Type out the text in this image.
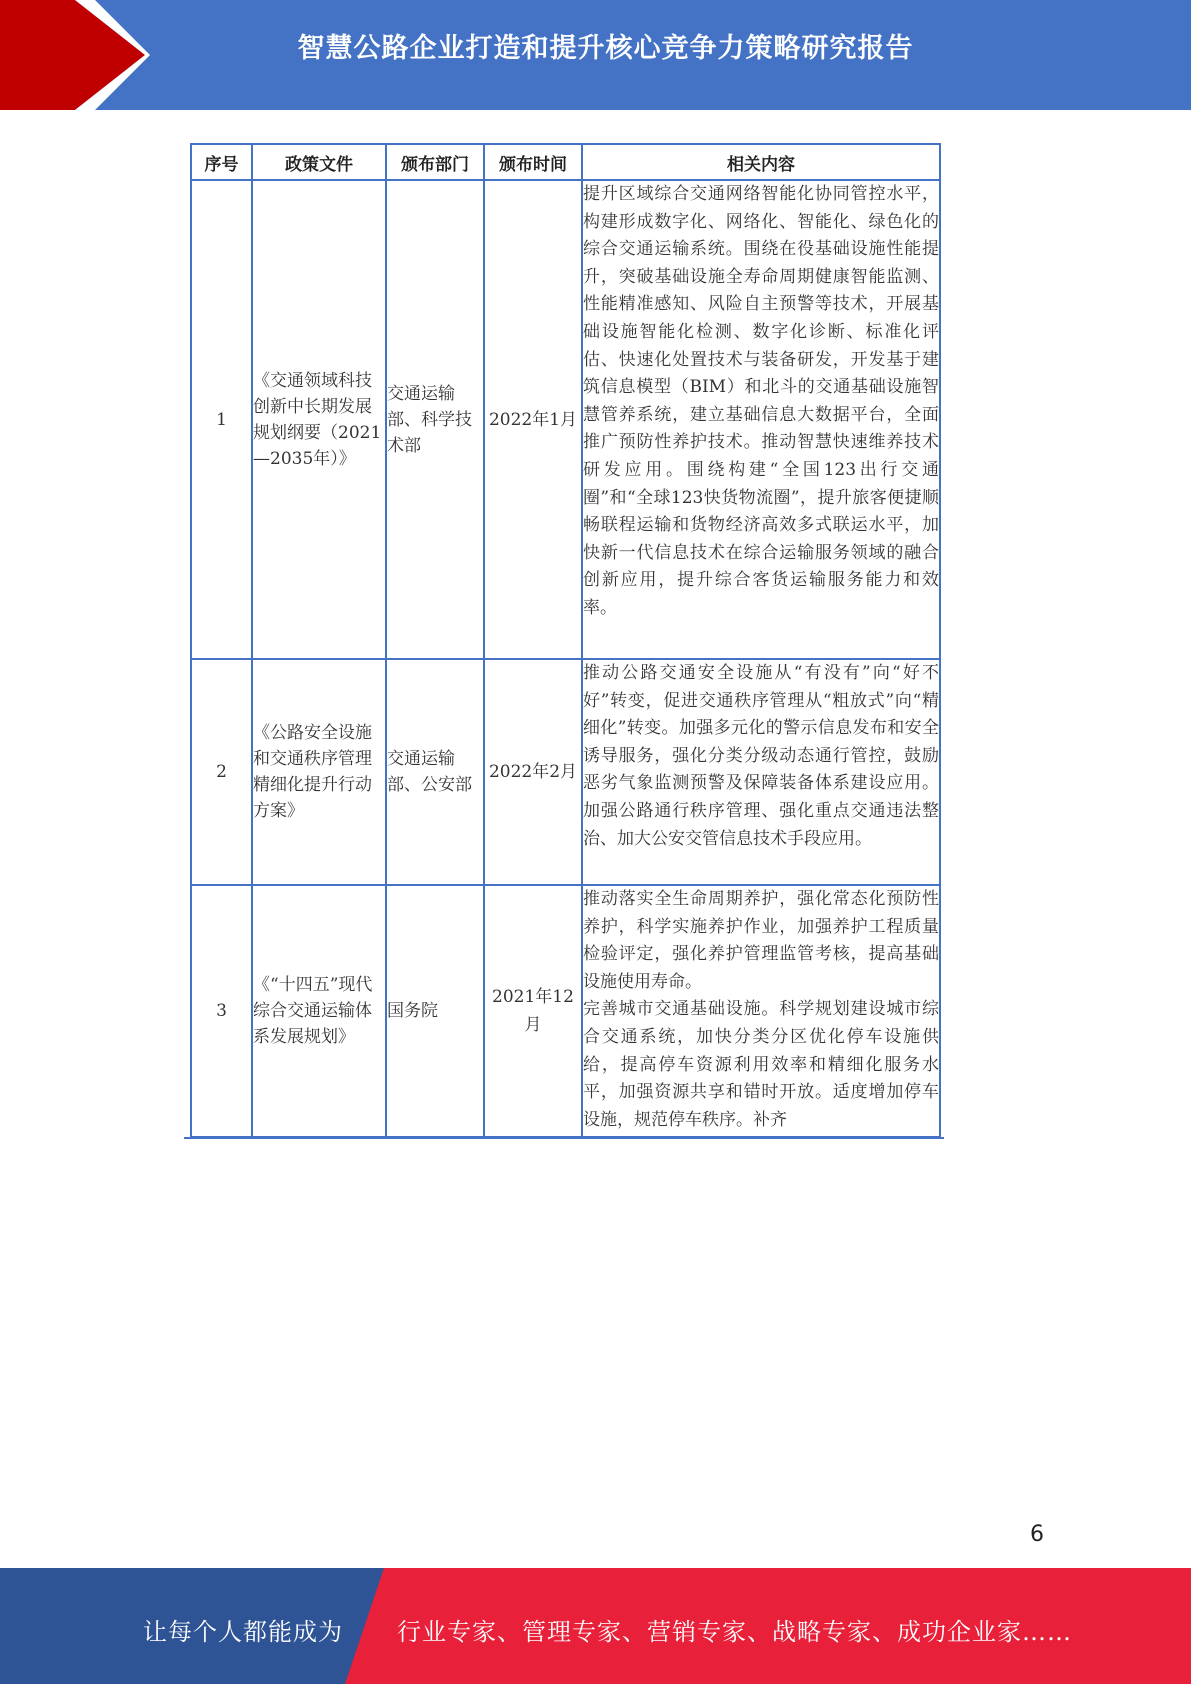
智慧公路企业打造和提升核心竞争力策略研究报告
序号	政策文件	颁布部门	颁布时间	相关内容
1	《交通领域科技创新中长期发展规划纲要（2021—2035年）》	交通运输部、科学技术部	2022年1月	提升区域综合交通网络智能化协同管控水平，构建形成数字化、网络化、智能化、绿色化的综合交通运输系统。围绕在役基础设施性能提升，突破基础设施全寿命周期健康智能监测、性能精准感知、风险自主预警等技术，开展基础设施智能化检测、数字化诊断、标准化评估、快速化处置技术与装备研发，开发基于建筑信息模型（BIM）和北斗的交通基础设施智慧管养系统，建立基础信息大数据平台，全面推广预防性养护技术。推动智慧快速维养技术研发应用。围绕构建“全国123出行交通圈”和“全球123快货物流圈”，提升旅客便捷顺畅联程运输和货物经济高效多式联运水平，加快新一代信息技术在综合运输服务领域的融合创新应用，提升综合客货运输服务能力和效率。
2	《公路安全设施和交通秩序管理精细化提升行动方案》	交通运输部、公安部	2022年2月	推动公路交通安全设施从“有没有”向“好不好”转变，促进交通秩序管理从“粗放式”向“精细化”转变。加强多元化的警示信息发布和安全诱导服务，强化分类分级动态通行管控，鼓励恶劣气象监测预警及保障装备体系建设应用。加强公路通行秩序管理、强化重点交通违法整治、加大公安交管信息技术手段应用。
3	《“十四五”现代综合交通运输体系发展规划》	国务院	2021年12月	推动落实全生命周期养护，强化常态化预防性养护，科学实施养护作业，加强养护工程质量检验评定，强化养护管理监管考核，提高基础设施使用寿命。
完善城市交通基础设施。科学规划建设城市综合交通系统，加快分类分区优化停车设施供给，提高停车资源利用效率和精细化服务水平，加强资源共享和错时开放。适度增加停车设施，规范停车秩序。补齐
6
让每个人都能成为 行业专家、管理专家、营销专家、战略专家、成功企业家……
